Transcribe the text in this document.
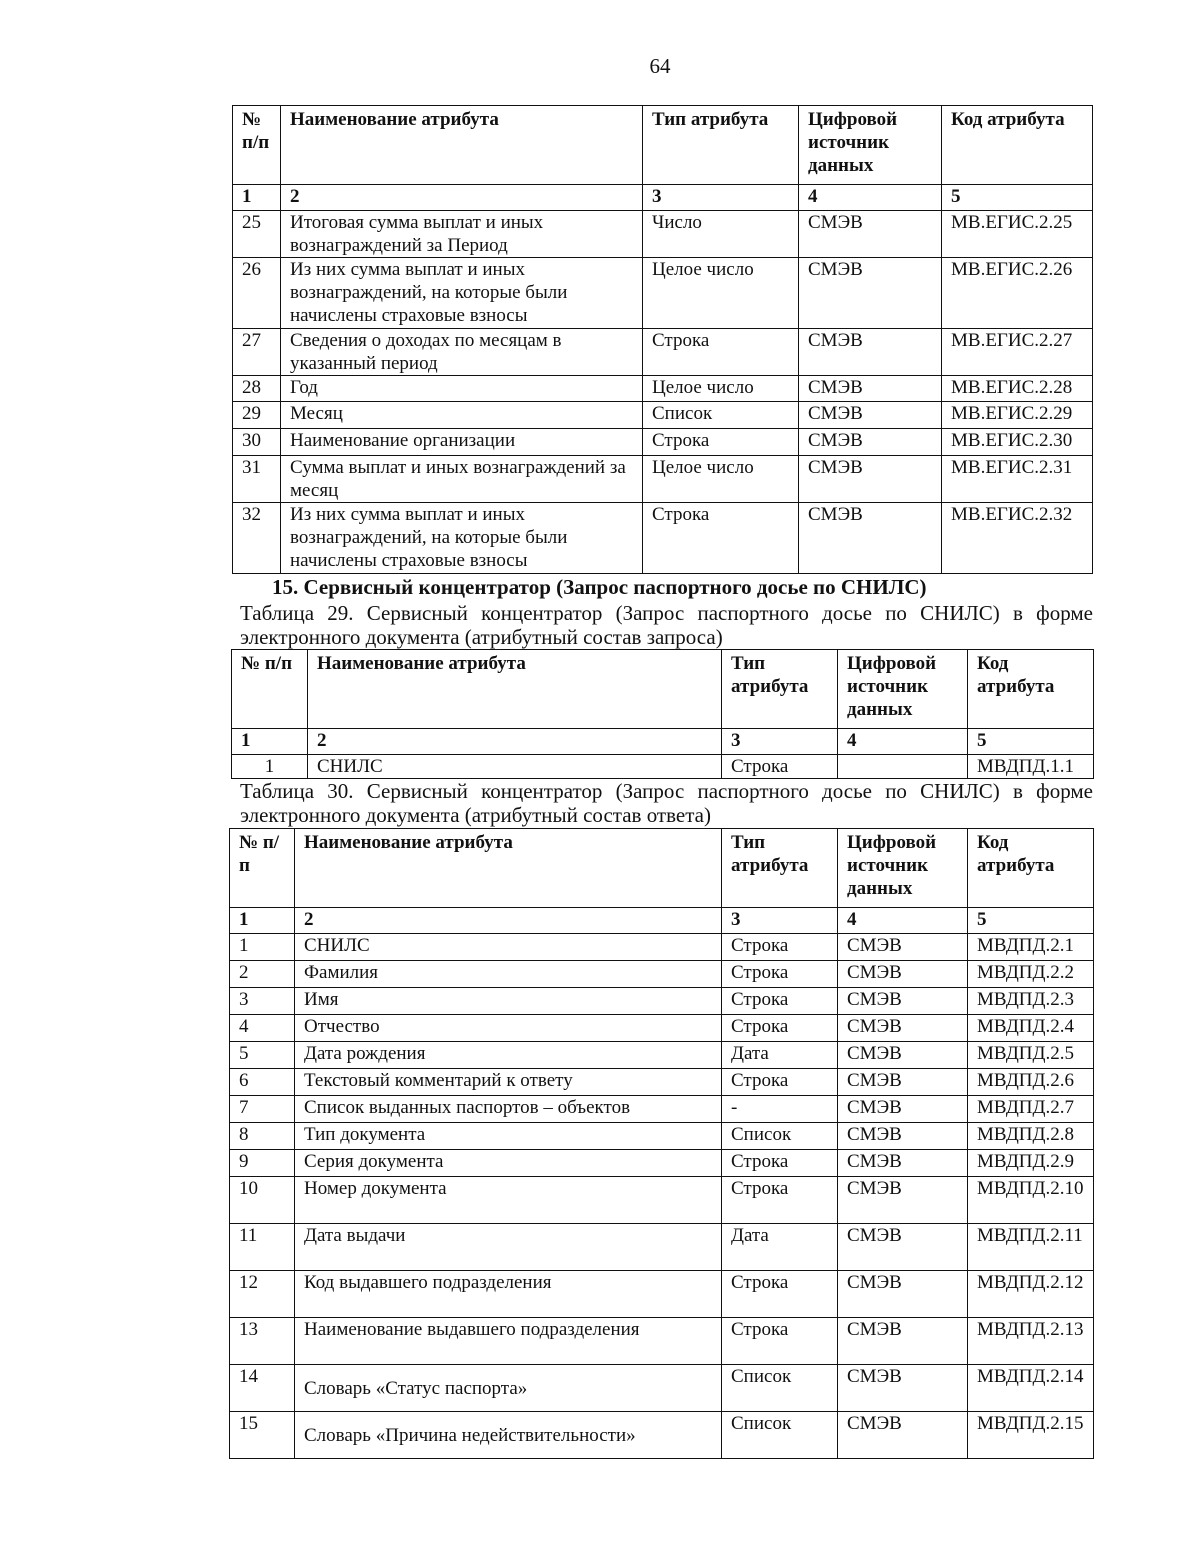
64
№ п/п	Наименование атрибута	Тип атрибута	Цифровой источник данных	Код атрибута
1	2	3	4	5
25	Итоговая сумма выплат и иных вознаграждений за Период	Число	СМЭВ	МВ.ЕГИС.2.25
26	Из них сумма выплат и иных вознаграждений, на которые были начислены страховые взносы	Целое число	СМЭВ	МВ.ЕГИС.2.26
27	Сведения о доходах по месяцам в указанный период	Строка	СМЭВ	МВ.ЕГИС.2.27
28	Год	Целое число	СМЭВ	МВ.ЕГИС.2.28
29	Месяц	Список	СМЭВ	МВ.ЕГИС.2.29
30	Наименование организации	Строка	СМЭВ	МВ.ЕГИС.2.30
31	Сумма выплат и иных вознаграждений за месяц	Целое число	СМЭВ	МВ.ЕГИС.2.31
32	Из них сумма выплат и иных вознаграждений, на которые были начислены страховые взносы	Строка	СМЭВ	МВ.ЕГИС.2.32
15. Сервисный концентратор (Запрос паспортного досье по СНИЛС)
Таблица 29. Сервисный концентратор (Запрос паспортного досье по СНИЛС) в форме электронного документа (атрибутный состав запроса)
№ п/п	Наименование атрибута	Тип атрибута	Цифровой источник данных	Код атрибута
1	2	3	4	5
1	СНИЛС	Строка		МВДПД.1.1
Таблица 30. Сервисный концентратор (Запрос паспортного досье по СНИЛС) в форме электронного документа (атрибутный состав ответа)
№ п/п	Наименование атрибута	Тип атрибута	Цифровой источник данных	Код атрибута
1	2	3	4	5
1	СНИЛС	Строка	СМЭВ	МВДПД.2.1
2	Фамилия	Строка	СМЭВ	МВДПД.2.2
3	Имя	Строка	СМЭВ	МВДПД.2.3
4	Отчество	Строка	СМЭВ	МВДПД.2.4
5	Дата рождения	Дата	СМЭВ	МВДПД.2.5
6	Текстовый комментарий к ответу	Строка	СМЭВ	МВДПД.2.6
7	Список выданных паспортов – объектов	-	СМЭВ	МВДПД.2.7
8	Тип документа	Список	СМЭВ	МВДПД.2.8
9	Серия документа	Строка	СМЭВ	МВДПД.2.9
10	Номер документа	Строка	СМЭВ	МВДПД.2.10
11	Дата выдачи	Дата	СМЭВ	МВДПД.2.11
12	Код выдавшего подразделения	Строка	СМЭВ	МВДПД.2.12
13	Наименование выдавшего подразделения	Строка	СМЭВ	МВДПД.2.13
14	Словарь «Статус паспорта»	Список	СМЭВ	МВДПД.2.14
15	Словарь «Причина недействительности»	Список	СМЭВ	МВДПД.2.15
